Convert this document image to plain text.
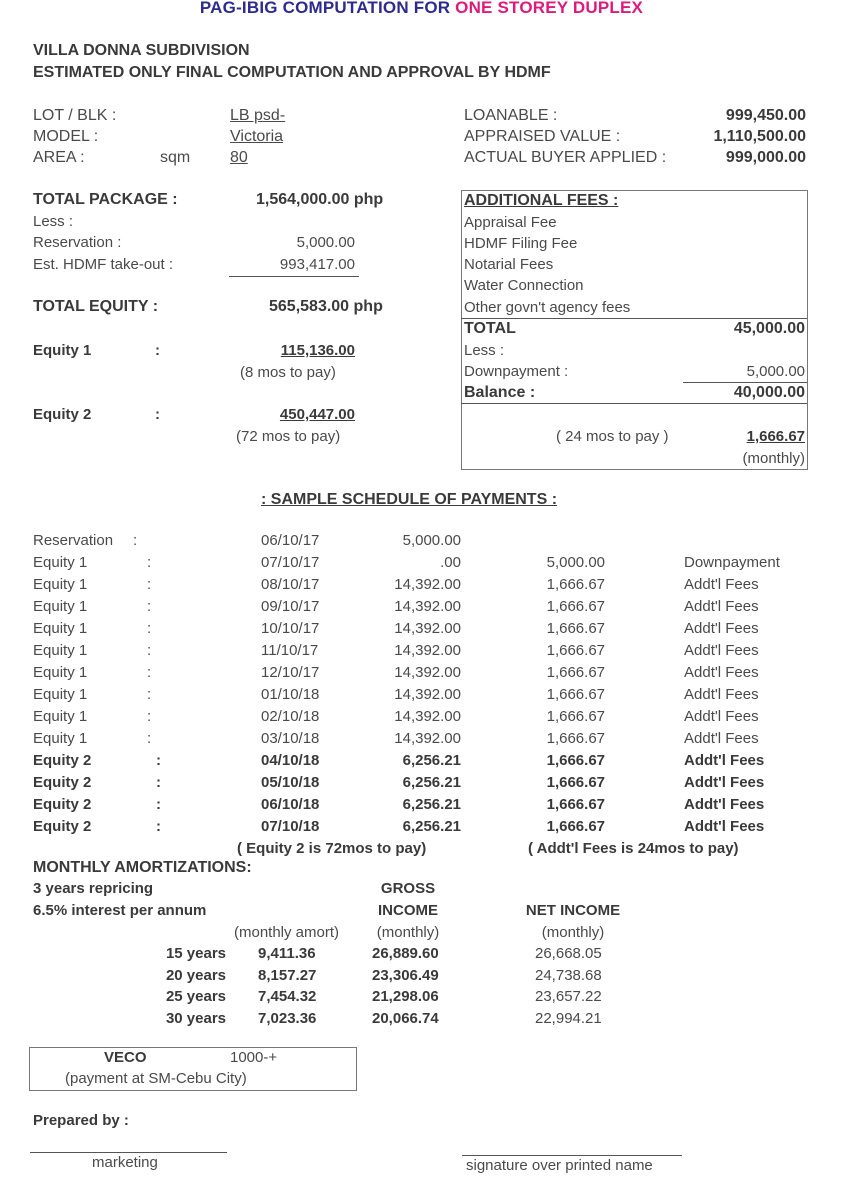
PAG-IBIG COMPUTATION FOR ONE STOREY DUPLEX
VILLA DONNA SUBDIVISION
ESTIMATED ONLY FINAL COMPUTATION AND APPROVAL BY HDMF
LOT / BLK :	LB psd-
MODEL :	Victoria
AREA :	sqm 80
LOANABLE :	999,450.00
APPRAISED VALUE :	1,110,500.00
ACTUAL BUYER APPLIED :	999,000.00
TOTAL PACKAGE :	1,564,000.00 php
Less :
Reservation :	5,000.00
Est. HDMF take-out :	993,417.00
TOTAL EQUITY :	565,583.00 php
Equity 1	:	115,136.00
(8 mos to pay)
Equity 2	:	450,447.00
(72 mos to pay)
ADDITIONAL FEES :
Appraisal Fee
HDMF Filing Fee
Notarial Fees
Water Connection
Other govn't agency fees
TOTAL	45,000.00
Less :
Downpayment :	5,000.00
Balance :	40,000.00
( 24 mos to pay )	1,666.67
(monthly)
: SAMPLE SCHEDULE OF PAYMENTS :
Reservation :	06/10/17	5,000.00
Equity 1	:	07/10/17	.00	5,000.00	Downpayment
Equity 1	:	08/10/17	14,392.00	1,666.67	Addt'l Fees
Equity 1	:	09/10/17	14,392.00	1,666.67	Addt'l Fees
Equity 1	:	10/10/17	14,392.00	1,666.67	Addt'l Fees
Equity 1	:	11/10/17	14,392.00	1,666.67	Addt'l Fees
Equity 1	:	12/10/17	14,392.00	1,666.67	Addt'l Fees
Equity 1	:	01/10/18	14,392.00	1,666.67	Addt'l Fees
Equity 1	:	02/10/18	14,392.00	1,666.67	Addt'l Fees
Equity 1	:	03/10/18	14,392.00	1,666.67	Addt'l Fees
Equity 2	:	04/10/18	6,256.21	1,666.67	Addt'l Fees
Equity 2	:	05/10/18	6,256.21	1,666.67	Addt'l Fees
Equity 2	:	06/10/18	6,256.21	1,666.67	Addt'l Fees
Equity 2	:	07/10/18	6,256.21	1,666.67	Addt'l Fees
( Equity 2 is 72mos to pay)	( Addt'l Fees is 24mos to pay)
MONTHLY AMORTIZATIONS:
3 years repricing
6.5% interest per annum
GROSS
INCOME	NET INCOME
(monthly amort)	(monthly)	(monthly)
15 years 9,411.36	26,889.60	26,668.05
20 years 8,157.27	23,306.49	24,738.68
25 years 7,454.32	21,298.06	23,657.22
30 years 7,023.36	20,066.74	22,994.21
VECO	1000-+
(payment at SM-Cebu City)
Prepared by :
marketing	signature over printed name
